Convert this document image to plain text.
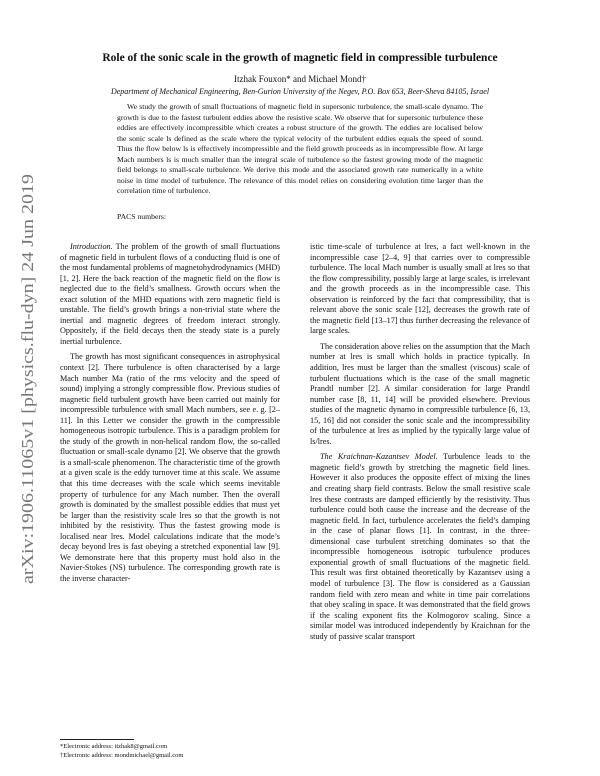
arXiv:1906.11065v1 [physics.flu-dyn] 24 Jun 2019
Role of the sonic scale in the growth of magnetic field in compressible turbulence
Itzhak Fouxon* and Michael Mond†
Department of Mechanical Engineering, Ben-Gurion University of the Negev, P.O. Box 653, Beer-Sheva 84105, Israel
We study the growth of small fluctuations of magnetic field in supersonic turbulence, the small-scale dynamo. The growth is due to the fastest turbulent eddies above the resistive scale. We observe that for supersonic turbulence these eddies are effectively incompressible which creates a robust structure of the growth. The eddies are localised below the sonic scale ls defined as the scale where the typical velocity of the turbulent eddies equals the speed of sound. Thus the flow below ls is effectively incompressible and the field growth proceeds as in incompressible flow. At large Mach numbers ls is much smaller than the integral scale of turbulence so the fastest growing mode of the magnetic field belongs to small-scale turbulence. We derive this mode and the associated growth rate numerically in a white noise in time model of turbulence. The relevance of this model relies on considering evolution time larger than the correlation time of turbulence.
PACS numbers:

Introduction. The problem of the growth of small fluctuations of magnetic field in turbulent flows of a conducting fluid is one of the most fundamental problems of magnetohydrodynamics (MHD) [1, 2]. Here the back reaction of the magnetic field on the flow is neglected due to the field’s smallness. Growth occurs when the exact solution of the MHD equations with zero magnetic field is unstable. The field’s growth brings a non-trivial state where the inertial and magnetic degrees of freedom interact strongly. Oppositely, if the field decays then the steady state is a purely inertial turbulence.

The growth has most significant consequences in astrophysical context [2]. There turbulence is often characterised by a large Mach number Ma (ratio of the rms velocity and the speed of sound) implying a strongly compressible flow. Previous studies of magnetic field turbulent growth have been carried out mainly for incompressible turbulence with small Mach numbers, see e. g. [2–11]. In this Letter we consider the growth in the compressible homogeneous isotropic turbulence. This is a paradigm problem for the study of the growth in non-helical random flow, the so-called fluctuation or small-scale dynamo [2]. We observe that the growth is a small-scale phenomenon. The characteristic time of the growth at a given scale is the eddy turnover time at this scale. We assume that this time decreases with the scale which seems inevitable property of turbulence for any Mach number. Then the overall growth is dominated by the smallest possible eddies that must yet be larger than the resistivity scale lres so that the growth is not inhibited by the resistivity. Thus the fastest growing mode is localised near lres. Model calculations indicate that the mode’s decay beyond lres is fast obeying a stretched exponential law [9]. We demonstrate here that this property must hold also in the Navier-Stokes (NS) turbulence. The corresponding growth rate is the inverse character-

istic time-scale of turbulence at lres, a fact well-known in the incompressible case [2–4, 9] that carries over to compressible turbulence. The local Mach number is usually small at lres so that the flow compressibility, possibly large at large scales, is irrelevant and the growth proceeds as in the incompressible case. This observation is reinforced by the fact that compressibility, that is relevant above the sonic scale [12], decreases the growth rate of the magnetic field [13–17] thus further decreasing the relevance of large scales.

The consideration above relies on the assumption that the Mach number at lres is small which holds in practice typically. In addition, lres must be larger than the smallest (viscous) scale of turbulent fluctuations which is the case of the small magnetic Prandtl number [2]. A similar consideration for large Prandtl number case [8, 11, 14] will be provided elsewhere. Previous studies of the magnetic dynamo in compressible turbulence [6, 13, 15, 16] did not consider the sonic scale and the incompressibility of the turbulence at lres as implied by the typically large value of ls/lres.

The Kraichnan-Kazantsev Model. Turbulence leads to the magnetic field’s growth by stretching the magnetic field lines. However it also produces the opposite effect of mixing the lines and creating sharp field contrasts. Below the small resistive scale lres these contrasts are damped efficiently by the resistivity. Thus turbulence could both cause the increase and the decrease of the magnetic field. In fact, turbulence accelerates the field’s damping in the case of planar flows [1]. In contrast, in the three-dimensional case turbulent stretching dominates so that the incompressible homogeneous isotropic turbulence produces exponential growth of small fluctuations of the magnetic field. This result was first obtained theoretically by Kazantsev using a model of turbulence [3]. The flow is considered as a Gaussian random field with zero mean and white in time pair correlations that obey scaling in space. It was demonstrated that the field grows if the scaling exponent fits the Kolmogorov scaling. Since a similar model was introduced independently by Kraichnan for the study of passive scalar transport

*Electronic address: itzhak8@gmail.com
†Electronic address: mondmichael@gmail.com
